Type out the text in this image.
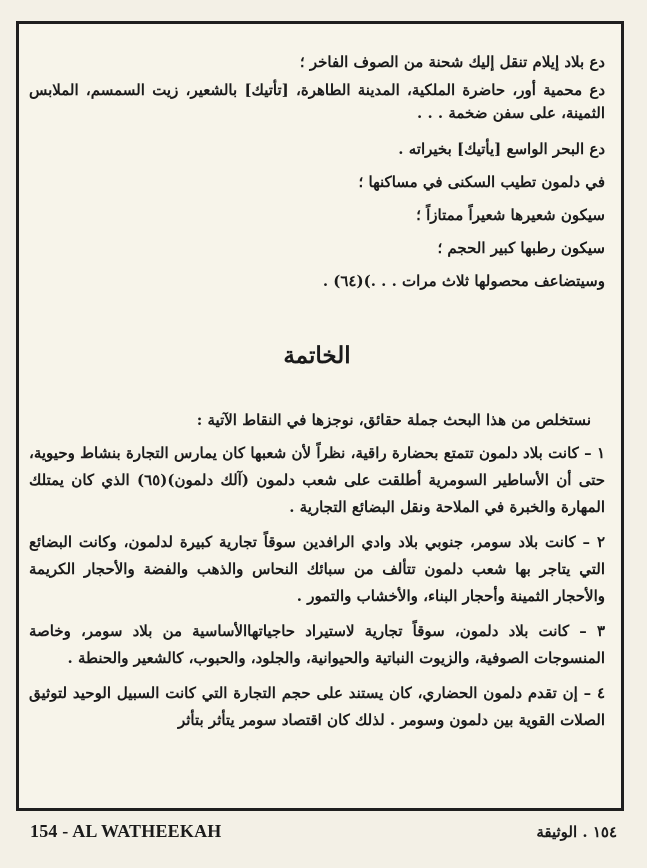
دع بلاد إيلام تنقل إليك شحنة من الصوف الفاخر ؛

دع محمية أور، حاضرة الملكية، المدينة الطاهرة، [تأتيك] بالشعير، زيت السمسم، الملابس الثمينة، على سفن ضخمة . . .

دع البحر الواسع [يأتيك] بخيراته .

في دلمون تطيب السكنى في مساكنها ؛

سيكون شعيرها شعيراً ممتازاً ؛

سيكون رطبها كبير الحجم ؛

وسيتضاعف محصولها ثلاث مرات . . .)(٦٤) .

الخاتمة

نستخلص من هذا البحث جملة حقائق، نوجزها في النقاط الآتية :

١ – كانت بلاد دلمون تتمتع بحضارة راقية، نظراً لأن شعبها كان يمارس التجارة بنشاط وحيوية، حتى أن الأساطير السومرية أطلقت على شعب دلمون (آلك دلمون)(٦٥) الذي كان يمتلك المهارة والخبرة في الملاحة ونقل البضائع التجارية .

٢ – كانت بلاد سومر، جنوبي بلاد وادي الرافدين سوقاً تجارية كبيرة لدلمون، وكانت البضائع التي يتاجر بها شعب دلمون تتألف من سبائك النحاس والذهب والفضة والأحجار الكريمة والأحجار الثمينة وأحجار البناء، والأخشاب والتمور .

٣ – كانت بلاد دلمون، سوقاً تجارية لاستيراد حاجياتهاالأساسية من بلاد سومر، وخاصة المنسوجات الصوفية، والزيوت النباتية والحيوانية، والجلود، والحبوب، كالشعير والحنطة .

٤ – إن تقدم دلمون الحضاري، كان يستند على حجم التجارة التي كانت السبيل الوحيد لتوثيق الصلات القوية بين دلمون وسومر . لذلك كان اقتصاد سومر يتأثر بتأثر

154 - AL WATHEEKAH	١٥٤ . الوثيقة
